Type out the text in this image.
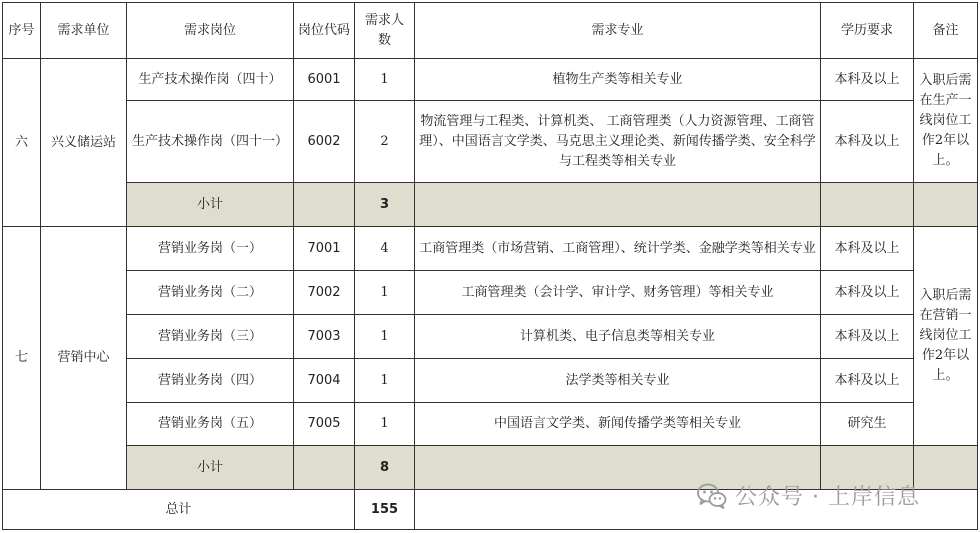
序号	需求单位	需求岗位	岗位代码	需求人数	需求专业	学历要求	备注
六	兴义储运站	生产技术操作岗（四十）	6001	1	植物生产类等相关专业	本科及以上	入职后需在生产一线岗位工作2年以上。
		生产技术操作岗（四十一）	6002	2	物流管理与工程类、计算机类、 工商管理类（人力资源管理、工商管理）、中国语言文学类、马克思主义理论类、新闻传播学类、安全科学与工程类等相关专业	本科及以上	
		小计		3			
七	营销中心	营销业务岗（一）	7001	4	工商管理类（市场营销、工商管理）、统计学类、金融学类等相关专业	本科及以上	入职后需在营销一线岗位工作2年以上。
		营销业务岗（二）	7002	1	工商管理类（会计学、审计学、财务管理）等相关专业	本科及以上	
		营销业务岗（三）	7003	1	计算机类、电子信息类等相关专业	本科及以上	
		营销业务岗（四）	7004	1	法学类等相关专业	本科及以上	
		营销业务岗（五）	7005	1	中国语言文学类、新闻传播学类等相关专业	研究生	
		小计		8			
总计				155				公众号 · 上岸信息
